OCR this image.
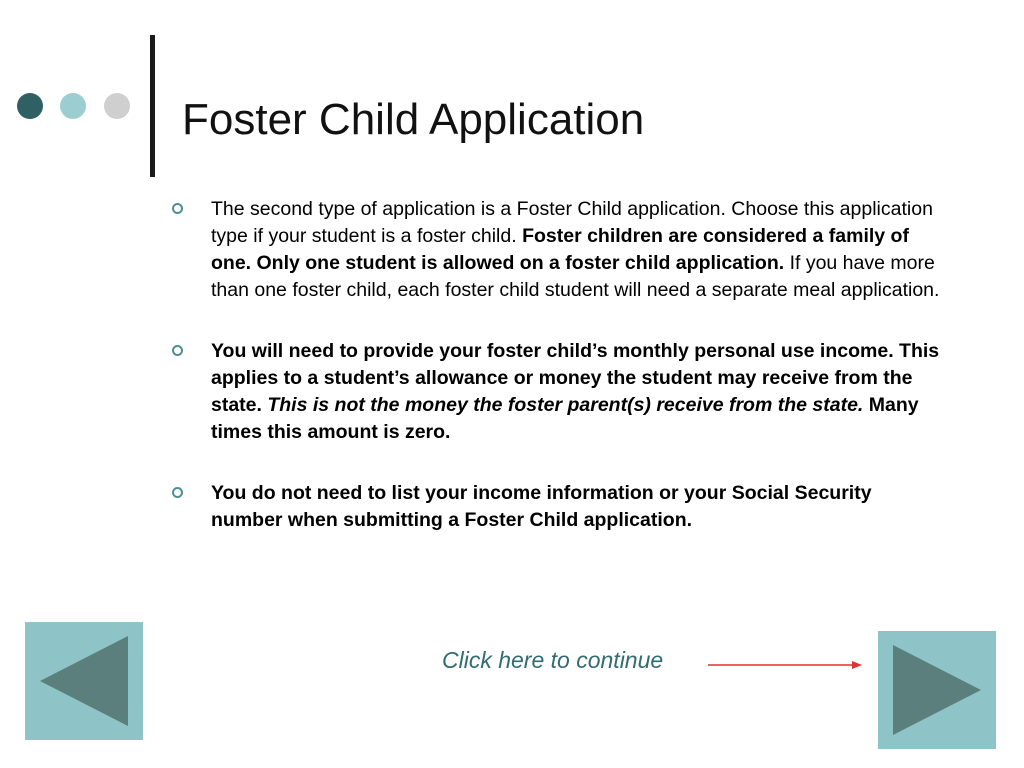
Foster Child Application
The second type of application is a Foster Child application. Choose this application type if your student is a foster child. Foster children are considered a family of one. Only one student is allowed on a foster child application. If you have more than one foster child, each foster child student will need a separate meal application.
You will need to provide your foster child’s monthly personal use income. This applies to a student’s allowance or money the student may receive from the state. This is not the money the foster parent(s) receive from the state. Many times this amount is zero.
You do not need to list your income information or your Social Security number when submitting a Foster Child application.
Click here to continue
